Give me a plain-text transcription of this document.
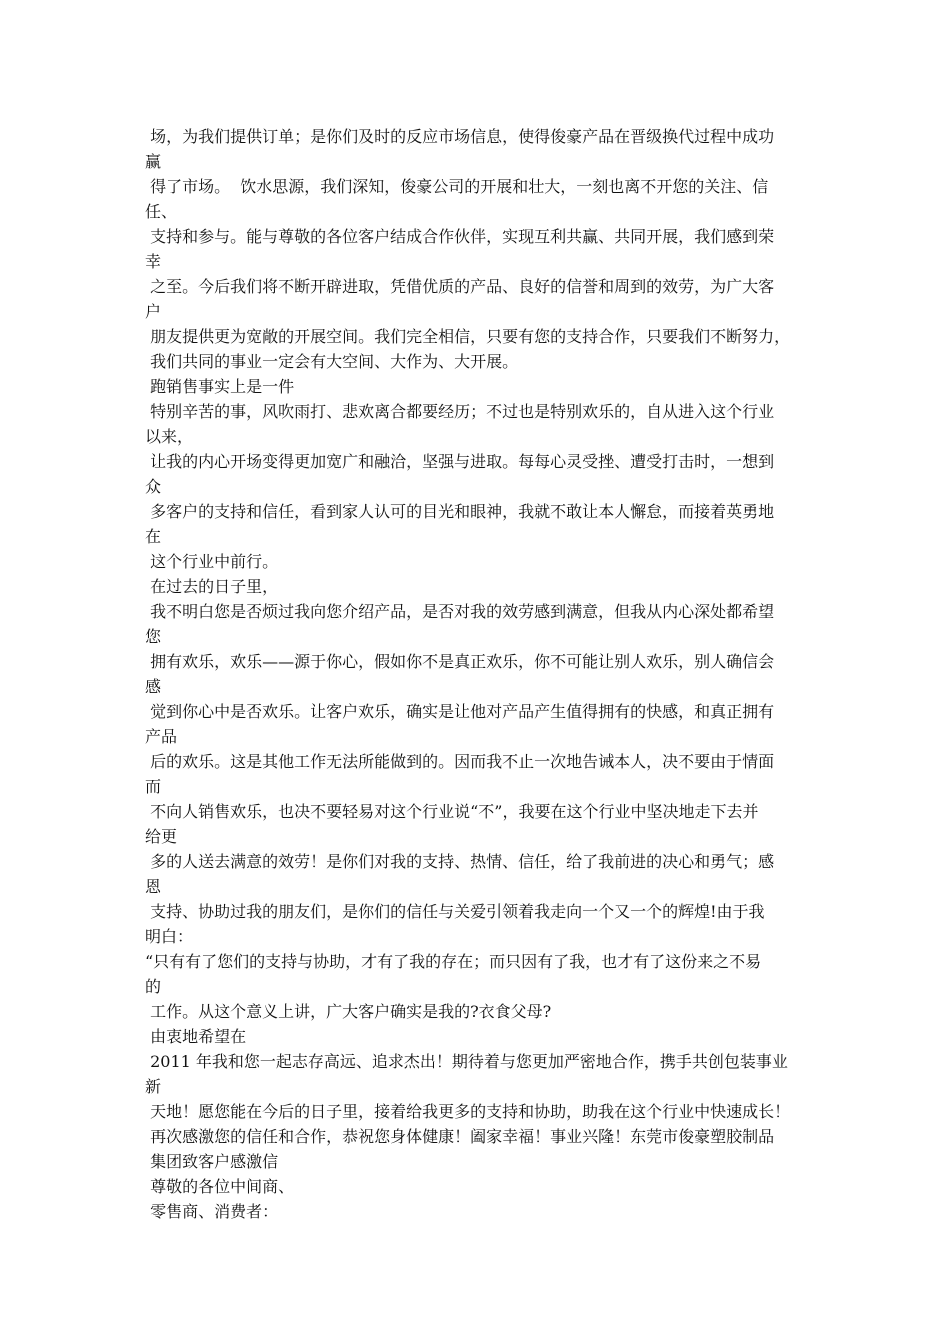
场，为我们提供订单；是你们及时的反应市场信息，使得俊豪产品在晋级换代过程中成功
赢
得了市场。  饮水思源，我们深知，俊豪公司的开展和壮大，一刻也离不开您的关注、信
任、
支持和参与。能与尊敬的各位客户结成合作伙伴，实现互利共赢、共同开展，我们感到荣
幸
之至。今后我们将不断开辟进取，凭借优质的产品、良好的信誉和周到的效劳，为广大客
户
朋友提供更为宽敞的开展空间。我们完全相信，只要有您的支持合作，只要我们不断努力，
我们共同的事业一定会有大空间、大作为、大开展。
跑销售事实上是一件
特别辛苦的事，风吹雨打、悲欢离合都要经历；不过也是特别欢乐的，自从进入这个行业
以来，
让我的内心开场变得更加宽广和融洽，坚强与进取。每每心灵受挫、遭受打击时，一想到
众
多客户的支持和信任，看到家人认可的目光和眼神，我就不敢让本人懈怠，而接着英勇地
在
这个行业中前行。
在过去的日子里，
我不明白您是否烦过我向您介绍产品，是否对我的效劳感到满意，但我从内心深处都希望
您
拥有欢乐，欢乐——源于你心，假如你不是真正欢乐，你不可能让别人欢乐，别人确信会
感
觉到你心中是否欢乐。让客户欢乐，确实是让他对产品产生值得拥有的快感，和真正拥有
产品
后的欢乐。这是其他工作无法所能做到的。因而我不止一次地告诫本人，决不要由于情面
而
不向人销售欢乐，也决不要轻易对这个行业说“不”，我要在这个行业中坚决地走下去并
给更
多的人送去满意的效劳！是你们对我的支持、热情、信任，给了我前进的决心和勇气；感
恩
支持、协助过我的朋友们，是你们的信任与关爱引领着我走向一个又一个的辉煌!由于我
明白：
“只有有了您们的支持与协助，才有了我的存在；而只因有了我，也才有了这份来之不易
的
工作。从这个意义上讲，广大客户确实是我的?衣食父母?
由衷地希望在
2011 年我和您一起志存高远、追求杰出！期待着与您更加严密地合作，携手共创包装事业
新
天地！愿您能在今后的日子里，接着给我更多的支持和协助，助我在这个行业中快速成长！
再次感激您的信任和合作，恭祝您身体健康！阖家幸福！事业兴隆！东莞市俊豪塑胶制品
集团致客户感激信
尊敬的各位中间商、
零售商、消费者：
